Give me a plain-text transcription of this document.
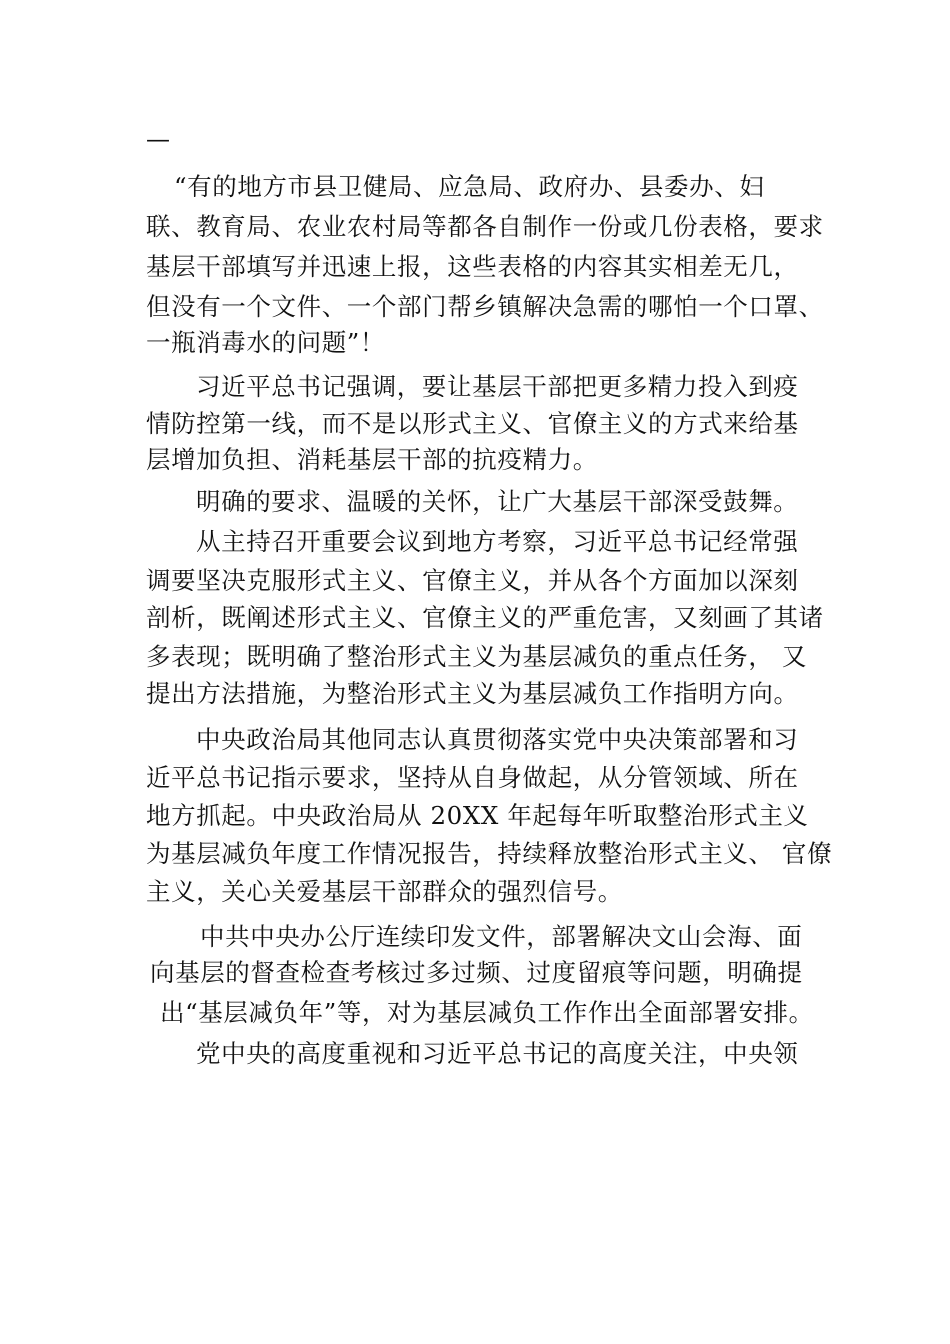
—
“有的地方市县卫健局、应急局、政府办、县委办、妇
联、教育局、农业农村局等都各自制作一份或几份表格，要求
基层干部填写并迅速上报，这些表格的内容其实相差无几，
但没有一个文件、一个部门帮乡镇解决急需的哪怕一个口罩、
一瓶消毒水的问题”！
习近平总书记强调，要让基层干部把更多精力投入到疫
情防控第一线，而不是以形式主义、官僚主义的方式来给基
层增加负担、消耗基层干部的抗疫精力。
明确的要求、温暖的关怀，让广大基层干部深受鼓舞。
从主持召开重要会议到地方考察，习近平总书记经常强
调要坚决克服形式主义、官僚主义，并从各个方面加以深刻
剖析，既阐述形式主义、官僚主义的严重危害，又刻画了其诸
多表现；既明确了整治形式主义为基层减负的重点任务， 又
提出方法措施，为整治形式主义为基层减负工作指明方向。
中央政治局其他同志认真贯彻落实党中央决策部署和习
近平总书记指示要求，坚持从自身做起，从分管领域、所在
地方抓起。中央政治局从 20XX 年起每年听取整治形式主义
为基层减负年度工作情况报告，持续释放整治形式主义、 官僚
主义，关心关爱基层干部群众的强烈信号。
中共中央办公厅连续印发文件，部署解决文山会海、面
向基层的督查检查考核过多过频、过度留痕等问题，明确提
出“基层减负年”等，对为基层减负工作作出全面部署安排。
党中央的高度重视和习近平总书记的高度关注，中央领
